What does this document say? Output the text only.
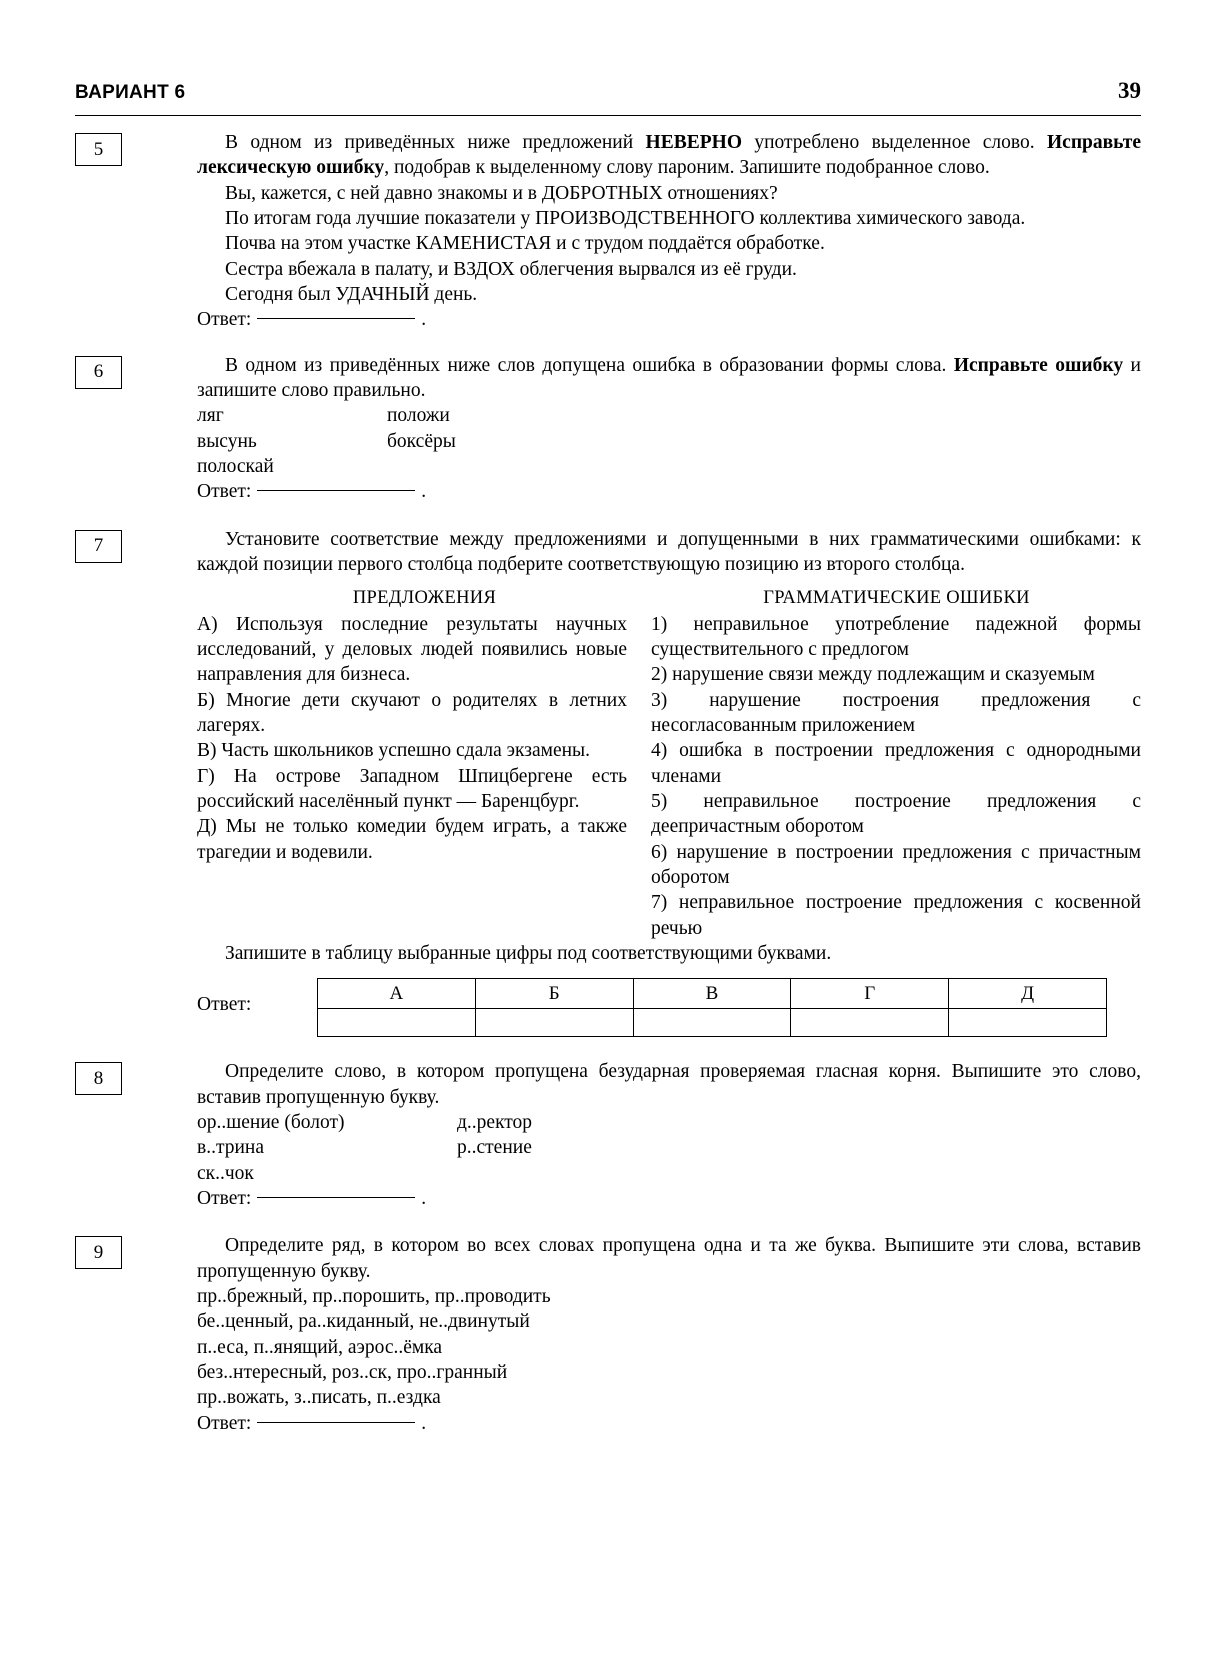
ВАРИАНТ 6	39
5	В одном из приведённых ниже предложений НЕВЕРНО употреблено выделенное слово. Исправьте лексическую ошибку, подобрав к выделенному слову пароним. Запишите подобранное слово.

Вы, кажется, с ней давно знакомы и в ДОБРОТНЫХ отношениях?

По итогам года лучшие показатели у ПРОИЗВОДСТВЕННОГО коллектива химического завода.

Почва на этом участке КАМЕНИСТАЯ и с трудом поддаётся обработке.

Сестра вбежала в палату, и ВЗДОХ облегчения вырвался из её груди.

Сегодня был УДАЧНЫЙ день.

Ответ:	.

6	В одном из приведённых ниже слов допущена ошибка в образовании формы слова. Исправьте ошибку и запишите слово правильно.

ляг	положи
высунь	боксёры
полоскай

Ответ:	.

7	Установите соответствие между предложениями и допущенными в них грамматическими ошибками: к каждой позиции первого столбца подберите соответствующую позицию из второго столбца.

ПРЕДЛОЖЕНИЯ	ГРАММАТИЧЕСКИЕ ОШИБКИ

А) Используя последние результаты научных исследований, у деловых людей появились новые направления для бизнеса.

Б) Многие дети скучают о родителях в летних лагерях.

В) Часть школьников успешно сдала экзамены.

Г) На острове Западном Шпицбергене есть российский населённый пункт — Баренцбург.

Д) Мы не только комедии будем играть, а также трагедии и водевили.

1) неправильное употребление падежной формы существительного с предлогом

2) нарушение связи между подлежащим и сказуемым

3) нарушение построения предложения с несогласованным приложением

4) ошибка в построении предложения с однородными членами

5) неправильное построение предложения с деепричастным оборотом

6) нарушение в построении предложения с причастным оборотом

7) неправильное построение предложения с косвенной речью

Запишите в таблицу выбранные цифры под соответствующими буквами.

Ответ:
А	Б	В	Г	Д

8	Определите слово, в котором пропущена безударная проверяемая гласная корня. Выпишите это слово, вставив пропущенную букву.

ор..шение (болот)	д..ректор
в..трина	р..стение
ск..чок

Ответ:	.

9	Определите ряд, в котором во всех словах пропущена одна и та же буква. Выпишите эти слова, вставив пропущенную букву.

пр..брежный, пр..порошить, пр..проводить

бе..ценный, ра..киданный, не..двинутый

п..еса, п..янящий, аэрос..ёмка

без..нтересный, роз..ск, про..гранный

пр..вожать, з..писать, п..ездка

Ответ:	.
